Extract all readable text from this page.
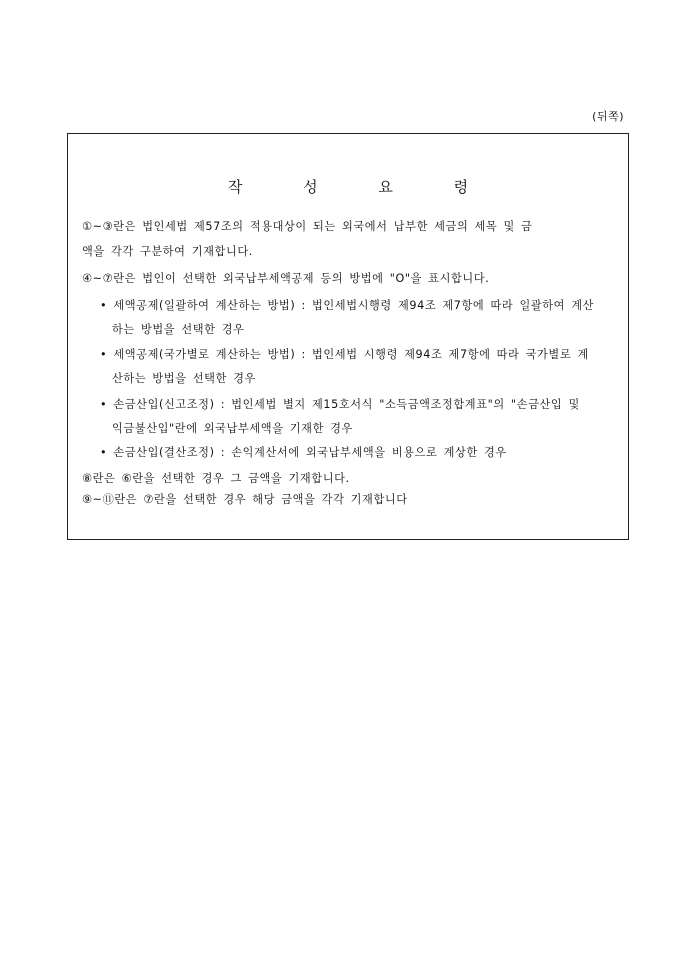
(뒤쪽)
작 성 요 령
①~③란은 법인세법 제57조의 적용대상이 되는 외국에서 납부한 세금의 세목 및 금
액을 각각 구분하여 기재합니다.
④~⑦란은 법인이 선택한 외국납부세액공제 등의 방법에 "O"을 표시합니다.
• 세액공제(일괄하여 계산하는 방법) : 법인세법시행령 제94조 제7항에 따라 일괄하여 계산
하는 방법을 선택한 경우
• 세액공제(국가별로 계산하는 방법) : 법인세법 시행령 제94조 제7항에 따라 국가별로 계
산하는 방법을 선택한 경우
• 손금산입(신고조정) : 법인세법 별지 제15호서식 "소득금액조정합계표"의 "손금산입 및
익금불산입"란에 외국납부세액을 기재한 경우
• 손금산입(결산조정) : 손익계산서에 외국납부세액을 비용으로 계상한 경우
⑧란은 ⑥란을 선택한 경우 그 금액을 기재합니다.
⑨~⑪란은 ⑦란을 선택한 경우 해당 금액을 각각 기재합니다
